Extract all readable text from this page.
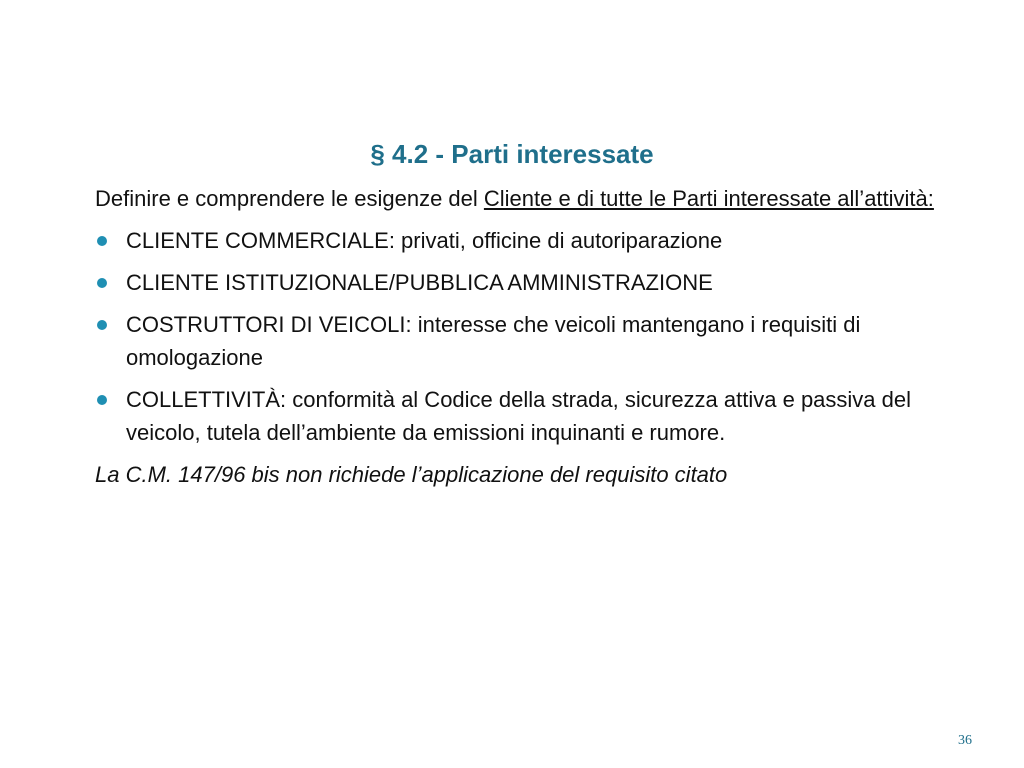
§ 4.2 - Parti interessate

Definire e comprendere le esigenze del Cliente e di tutte le Parti interessate all’attività:

CLIENTE COMMERCIALE: privati, officine di autoriparazione
CLIENTE ISTITUZIONALE/PUBBLICA AMMINISTRAZIONE
COSTRUTTORI DI VEICOLI: interesse che veicoli mantengano i requisiti di omologazione
COLLETTIVITÀ: conformità al Codice della strada, sicurezza attiva e passiva del veicolo, tutela dell’ambiente da emissioni inquinanti e rumore.

La C.M. 147/96 bis non richiede l’applicazione del requisito citato

36
